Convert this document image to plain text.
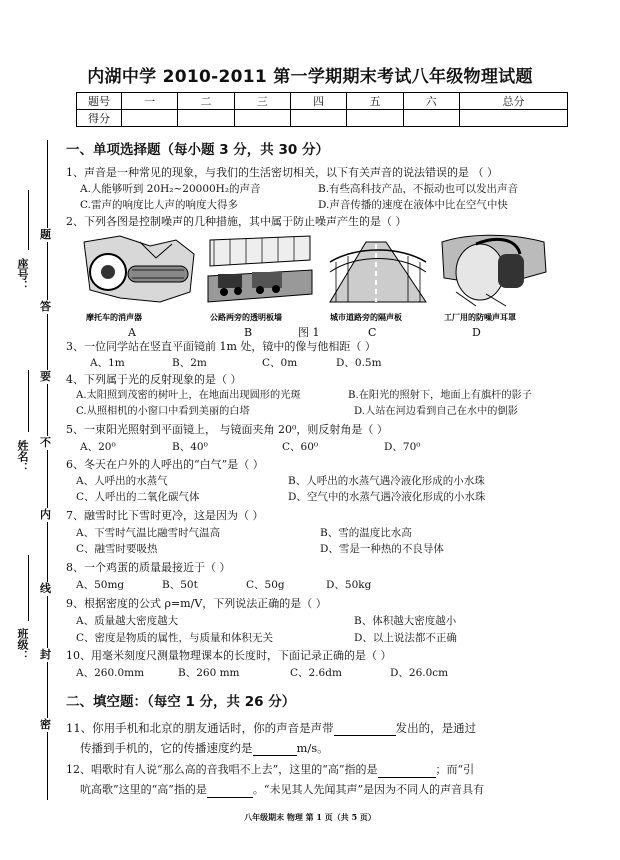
内湖中学 2010-2011 第一学期期末考试八年级物理试题
题号	一	二	三	四	五	六	总分
得分							
题
答
要
不
内
线
封
密
座号：
姓名：
班级：
一、单项选择题（每小题 3 分，共 30 分）
1、声音是一种常见的现象，与我们的生活密切相关，以下有关声音的说法错误的是 （ ）
A.人能够听到 20H₂~20000H₂的声音	B.有些高科技产品，不振动也可以发出声音
C.雷声的响度比人声的响度大得多	D.声音传播的速度在液体中比在空气中快
2、下列各图是控制噪声的几种措施，其中属于防止噪声产生的是（ ）
摩托车的消声器	公路两旁的透明板墙	城市道路旁的隔声板	工厂用的防噪声耳罩
A	B	图 1	C	D
3、一位同学站在竖直平面镜前 1m 处，镜中的像与他相距（ ）
A、1m	B、2m	C、0m	D、0.5m
4、下列属于光的反射现象的是（ ）
A.太阳照到茂密的树叶上，在地面出现圆形的光斑	B.在阳光的照射下，地面上有旗杆的影子
C.从照相机的小窗口中看到美丽的白塔	D.人站在河边看到自己在水中的倒影
5、一束阳光照射到平面镜上， 与镜面夹角 20⁰，则反射角是（ ）
A、20⁰	B、40⁰	C、60⁰	D、70⁰
6、冬天在户外的人呼出的“白气”是（ ）
A、人呼出的水蒸气	B、人呼出的水蒸气遇冷液化形成的小水珠
C、人呼出的二氧化碳气体	D、空气中的水蒸气遇冷液化形成的小水珠
7、融雪时比下雪时更冷，这是因为（ ）
A、下雪时气温比融雪时气温高	B、雪的温度比水高
C、融雪时要吸热	D、雪是一种热的不良导体
8、一个鸡蛋的质量最接近于（ ）
A、50mg	B、50t	C、50g	D、50kg
9、根据密度的公式 ρ=m/V，下列说法正确的是（ ）
A、质量越大密度越大	B、体积越大密度越小
C、密度是物质的属性，与质量和体积无关	D、以上说法都不正确
10、用毫米刻度尺测量物理课本的长度时，下面记录正确的是（ ）
A、260.0mm	B、260 mm	C、2.6dm	D、26.0cm
二、填空题：（每空 1 分，共 26 分）
11、你用手机和北京的朋友通话时，你的声音是声带	发出的，是通过
传播到手机的，它的传播速度约是	m/s。
12、唱歌时有人说“那么高的音我唱不上去”，这里的“高”指的是	；而“引
吭高歌”这里的“高”指的是	。“未见其人先闻其声”是因为不同人的声音具有
八年级期末 物理 第 1 页（共 5 页）
